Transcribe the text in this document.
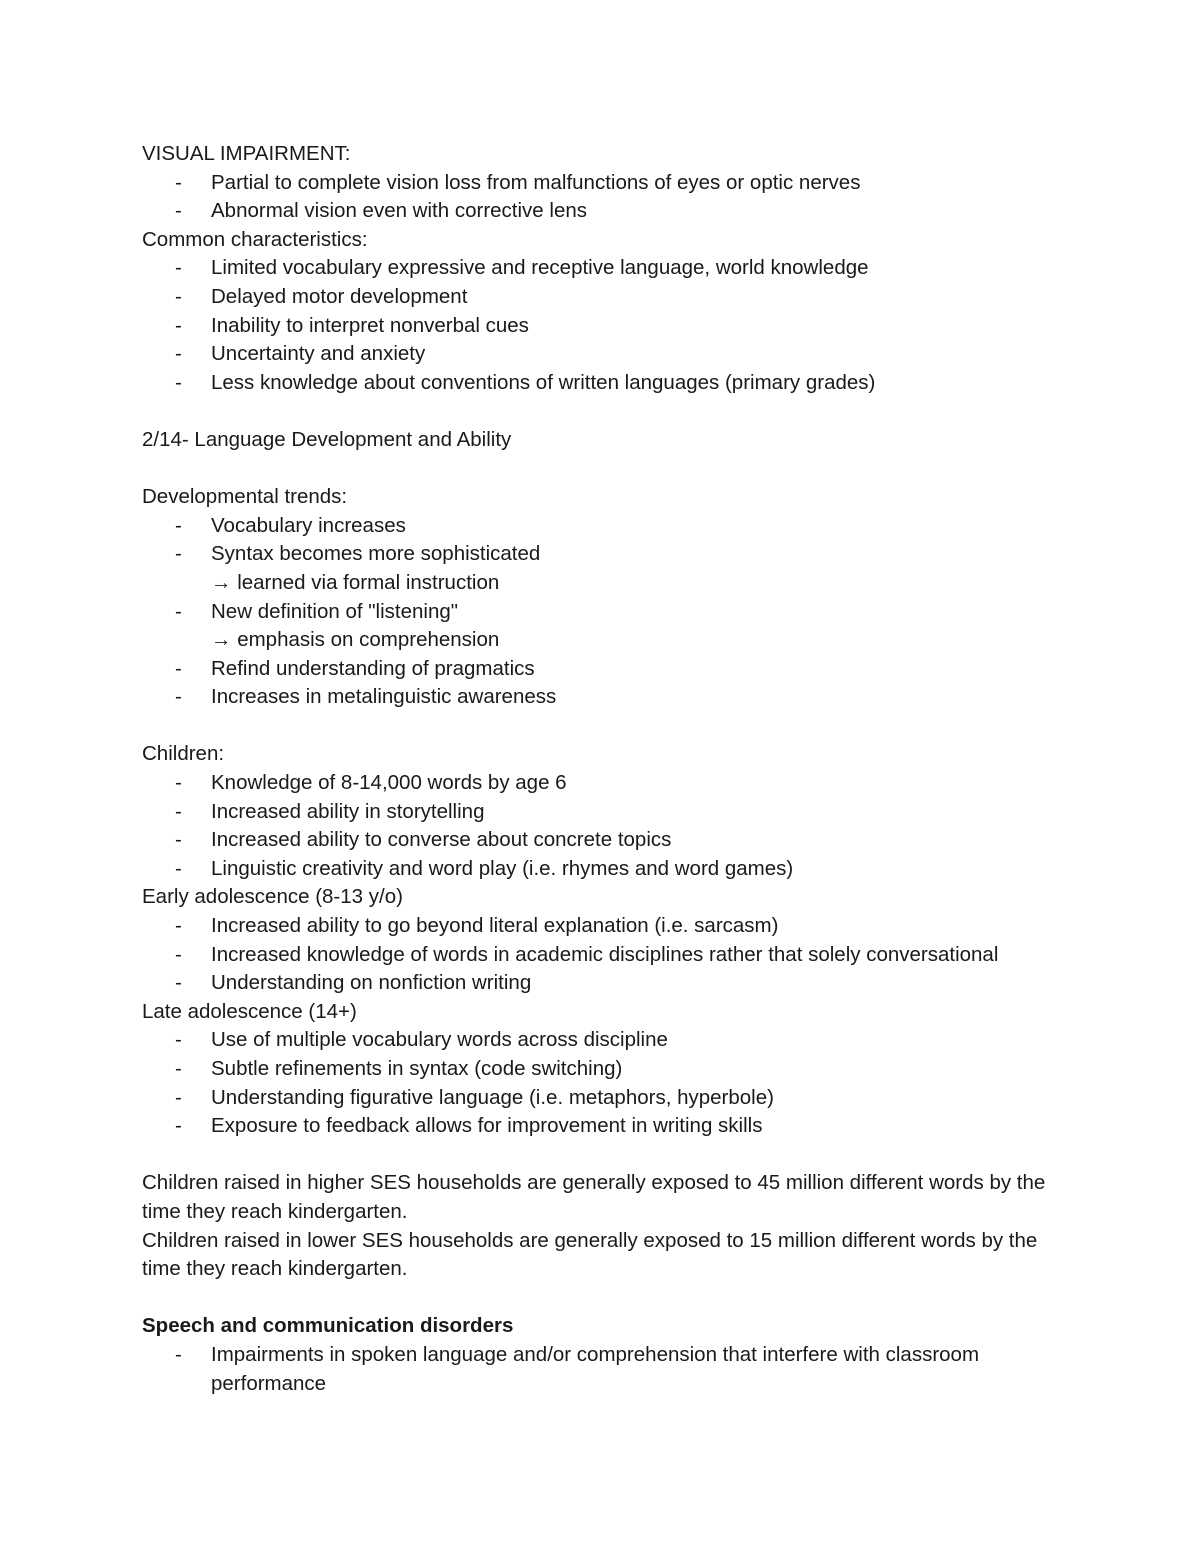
VISUAL IMPAIRMENT:

- Partial to complete vision loss from malfunctions of eyes or optic nerves

- Abnormal vision even with corrective lens

Common characteristics:

- Limited vocabulary expressive and receptive language, world knowledge

- Delayed motor development

- Inability to interpret nonverbal cues

- Uncertainty and anxiety

- Less knowledge about conventions of written languages (primary grades)

2/14- Language Development and Ability

Developmental trends:

- Vocabulary increases

- Syntax becomes more sophisticated

→ learned via formal instruction

- New definition of "listening"

→ emphasis on comprehension

- Refind understanding of pragmatics

- Increases in metalinguistic awareness

Children:

- Knowledge of 8-14,000 words by age 6

- Increased ability in storytelling

- Increased ability to converse about concrete topics

- Linguistic creativity and word play (i.e. rhymes and word games)

Early adolescence (8-13 y/o)

- Increased ability to go beyond literal explanation (i.e. sarcasm)

- Increased knowledge of words in academic disciplines rather that solely conversational

- Understanding on nonfiction writing

Late adolescence (14+)

- Use of multiple vocabulary words across discipline

- Subtle refinements in syntax (code switching)

- Understanding figurative language (i.e. metaphors, hyperbole)

- Exposure to feedback allows for improvement in writing skills

Children raised in higher SES households are generally exposed to 45 million different words by the time they reach kindergarten.

Children raised in lower SES households are generally exposed to 15 million different words by the time they reach kindergarten.

Speech and communication disorders

- Impairments in spoken language and/or comprehension that interfere with classroom performance
